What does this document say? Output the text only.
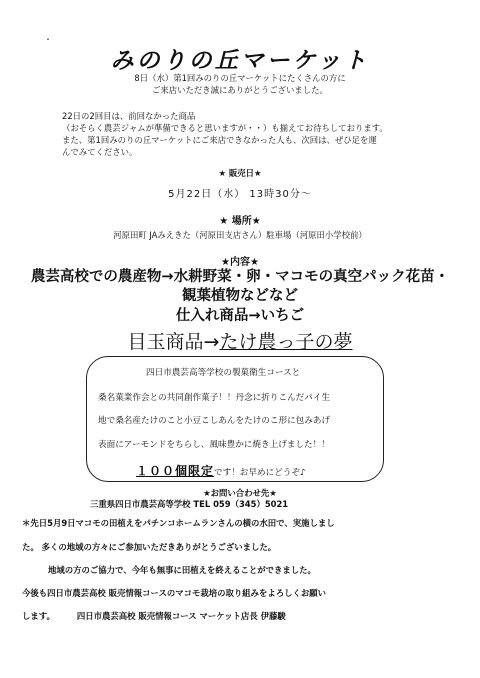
・
みのりの丘マーケット
8日（水）第1回みのりの丘マーケットにたくさんの方に
ご来店いただき誠にありがとうございました。
22日の2回目は、前回なかった商品
（おそらく農芸ジャムが準備できると思いますが・・）も揃えてお待ちしております。
また、第1回みのりの丘マーケットにご来店できなかった人も、次回は、ぜひ足を運
んでみてください。
★ 販売日★
5月22日（水） 13時30分～
★ 場所★
河原田町 JAみえきた（河原田支店さん）駐車場（河原田小学校前）
★内容★
農芸高校での農産物→水耕野菜・卵・マコモの真空パック花苗・
観葉植物などなど
仕入れ商品→いちご
目玉商品→たけ農っ子の夢
四日市農芸高等学校の製菓衛生コースと
桑名菓業作会との共同創作菓子！！丹念に折りこんだパイ生
地で桑名産たけのこと小豆こしあんをたけのこ形に包みあげ
表面にアーモンドをちらし、風味豊かに焼き上げました！！
１００個限定です！お早めにどうぞ♪
★お問い合わせ先★
三重県四日市農芸高等学校 TEL 059（345）5021
＊先日5月9日マコモの田植えをパチンコホームランさんの横の水田で、実施しまし
た。 多くの地域の方々にご参加いただきありがとうございました。
地域の方のご協力で、今年も無事に田植えを終えることができました。
今後も四日市農芸高校 販売情報コースのマコモ栽培の取り組みをよろしくお願い
します。	四日市農芸高校 販売情報コース マーケット店長 伊藤駿
